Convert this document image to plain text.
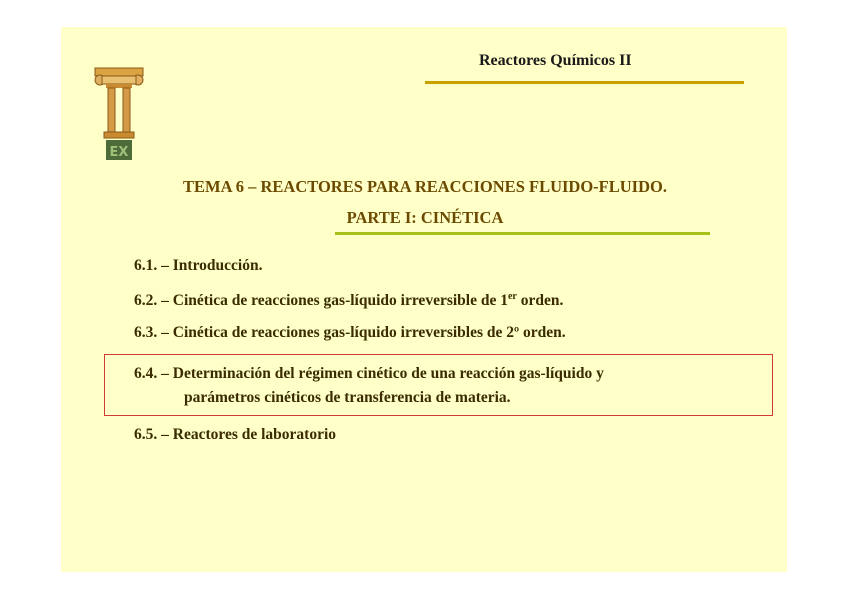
Reactores Químicos II
EX
TEMA 6 – REACTORES PARA REACCIONES FLUIDO-FLUIDO.
PARTE I: CINÉTICA
6.1. – Introducción.
6.2. – Cinética de reacciones gas-líquido irreversible de 1er orden.
6.3. – Cinética de reacciones gas-líquido irreversibles de 2º orden.
6.4. – Determinación del régimen cinético de una reacción gas-líquido y
parámetros cinéticos de transferencia de materia.
6.5. – Reactores de laboratorio
